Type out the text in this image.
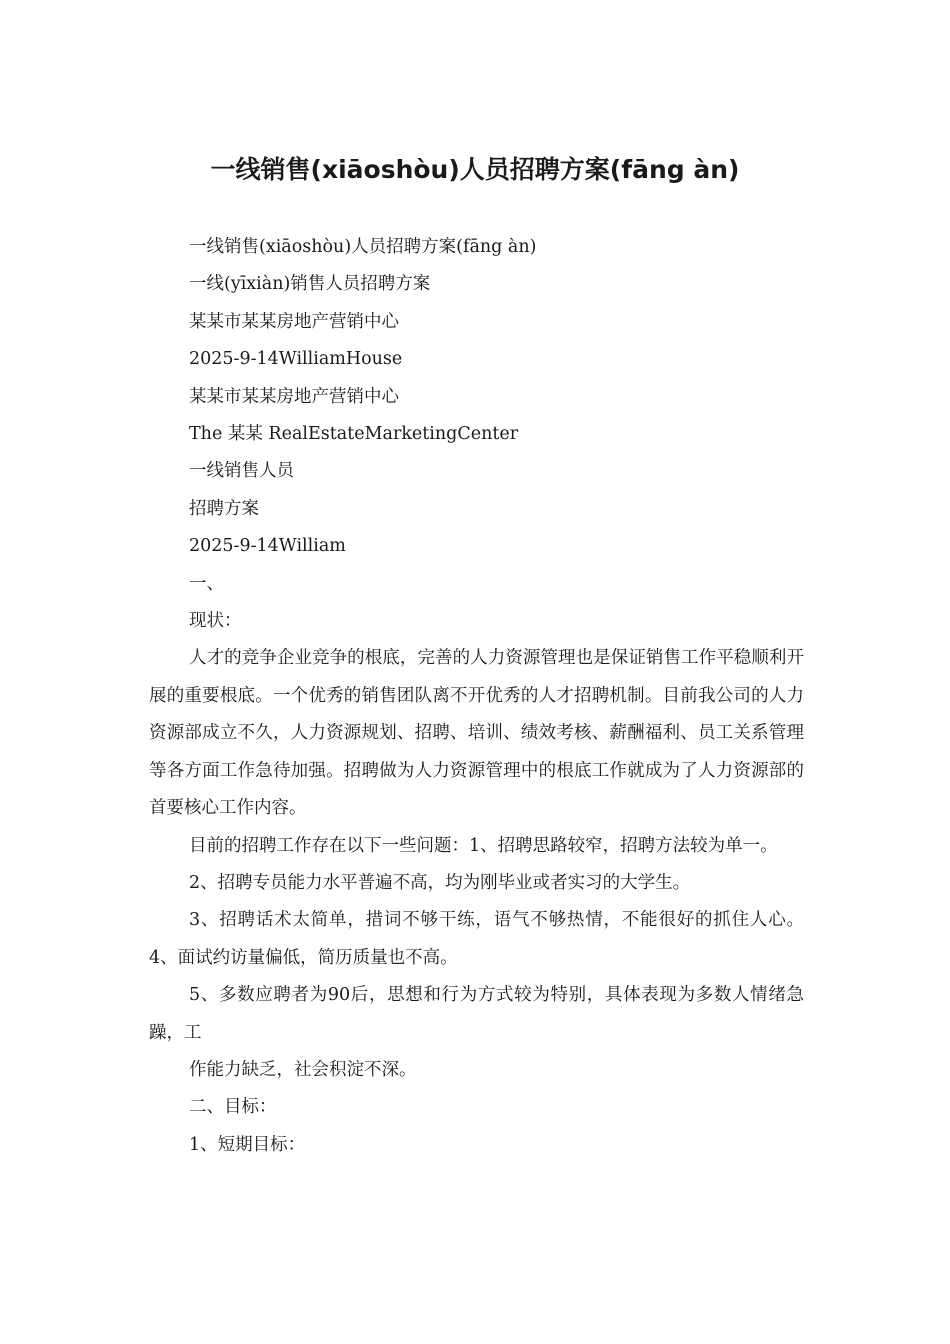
一线销售(xiāoshòu)人员招聘方案(fāng àn)

一线销售(xiāoshòu)人员招聘方案(fāng àn)

一线(yīxiàn)销售人员招聘方案

某某市某某房地产营销中心

2025-9-14WilliamHouse

某某市某某房地产营销中心

The 某某 RealEstateMarketingCenter

一线销售人员

招聘方案

2025-9-14William

一、

现状：

人才的竞争企业竞争的根底，完善的人力资源管理也是保证销售工作平稳顺利开展的重要根底。一个优秀的销售团队离不开优秀的人才招聘机制。目前我公司的人力资源部成立不久，人力资源规划、招聘、培训、绩效考核、薪酬福利、员工关系管理等各方面工作急待加强。招聘做为人力资源管理中的根底工作就成为了人力资源部的首要核心工作内容。

目前的招聘工作存在以下一些问题：1、招聘思路较窄，招聘方法较为单一。

2、招聘专员能力水平普遍不高，均为刚毕业或者实习的大学生。

3、招聘话术太简单，措词不够干练，语气不够热情，不能很好的抓住人心。4、面试约访量偏低，简历质量也不高。

5、多数应聘者为90后，思想和行为方式较为特别，具体表现为多数人情绪急躁，工

作能力缺乏，社会积淀不深。

二、目标：

1、短期目标：
